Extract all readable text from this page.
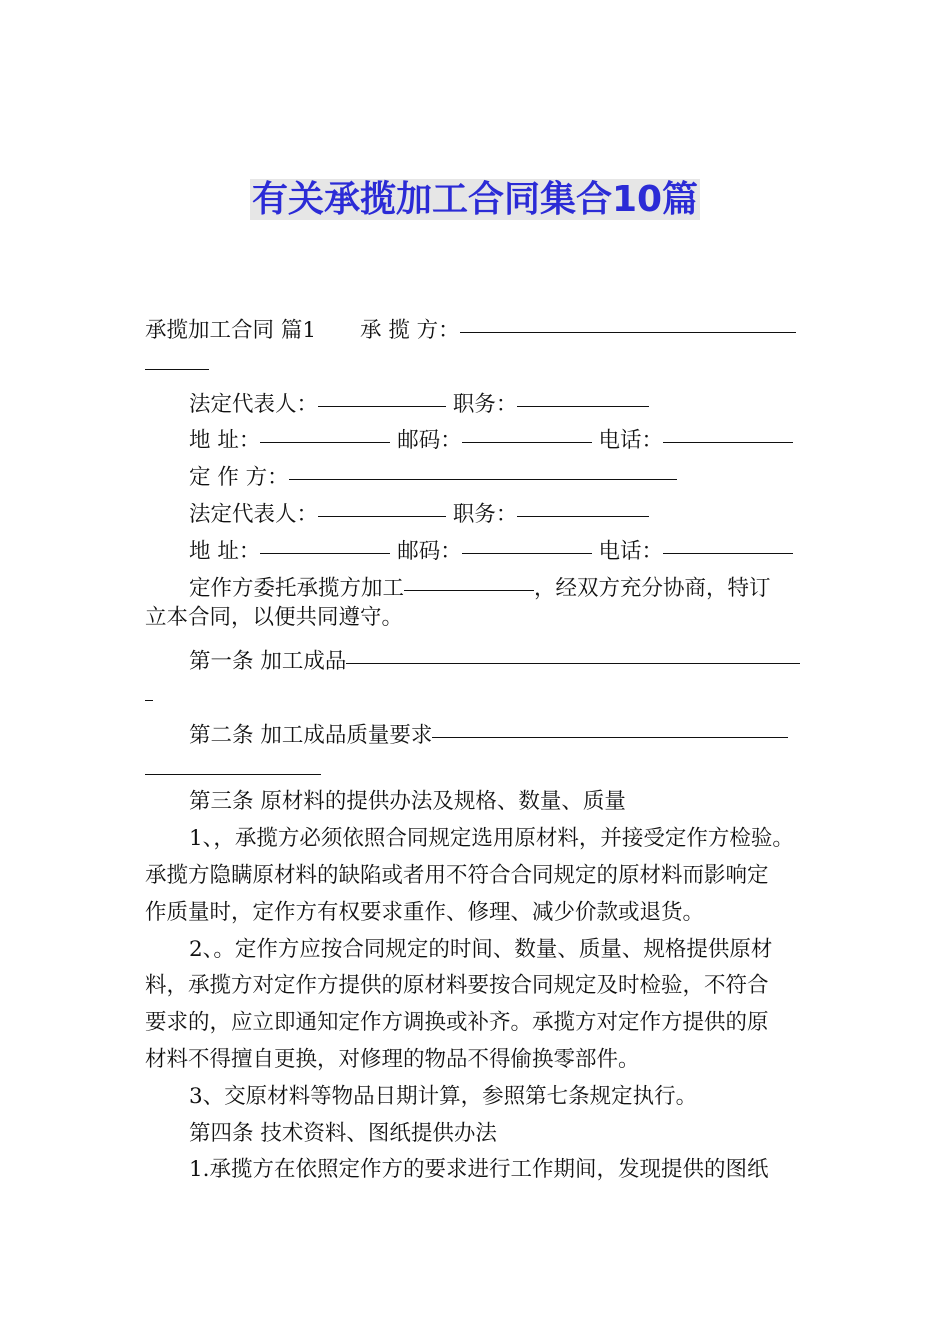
有关承揽加工合同集合10篇
承揽加工合同 篇1 承 揽 方：
法定代表人：	职务：
地 址：	邮码：	电话：
定 作 方：
法定代表人：	职务：
地 址：	邮码：	电话：
定作方委托承揽方加工	，经双方充分协商，特订
立本合同，以便共同遵守。
第一条 加工成品
第二条 加工成品质量要求
第三条 原材料的提供办法及规格、数量、质量
1、，承揽方必须依照合同规定选用原材料，并接受定作方检验。
承揽方隐瞒原材料的缺陷或者用不符合合同规定的原材料而影响定
作质量时，定作方有权要求重作、修理、减少价款或退货。
2、。定作方应按合同规定的时间、数量、质量、规格提供原材
料，承揽方对定作方提供的原材料要按合同规定及时检验，不符合
要求的，应立即通知定作方调换或补齐。承揽方对定作方提供的原
材料不得擅自更换，对修理的物品不得偷换零部件。
3、交原材料等物品日期计算，参照第七条规定执行。
第四条 技术资料、图纸提供办法
1.承揽方在依照定作方的要求进行工作期间，发现提供的图纸
